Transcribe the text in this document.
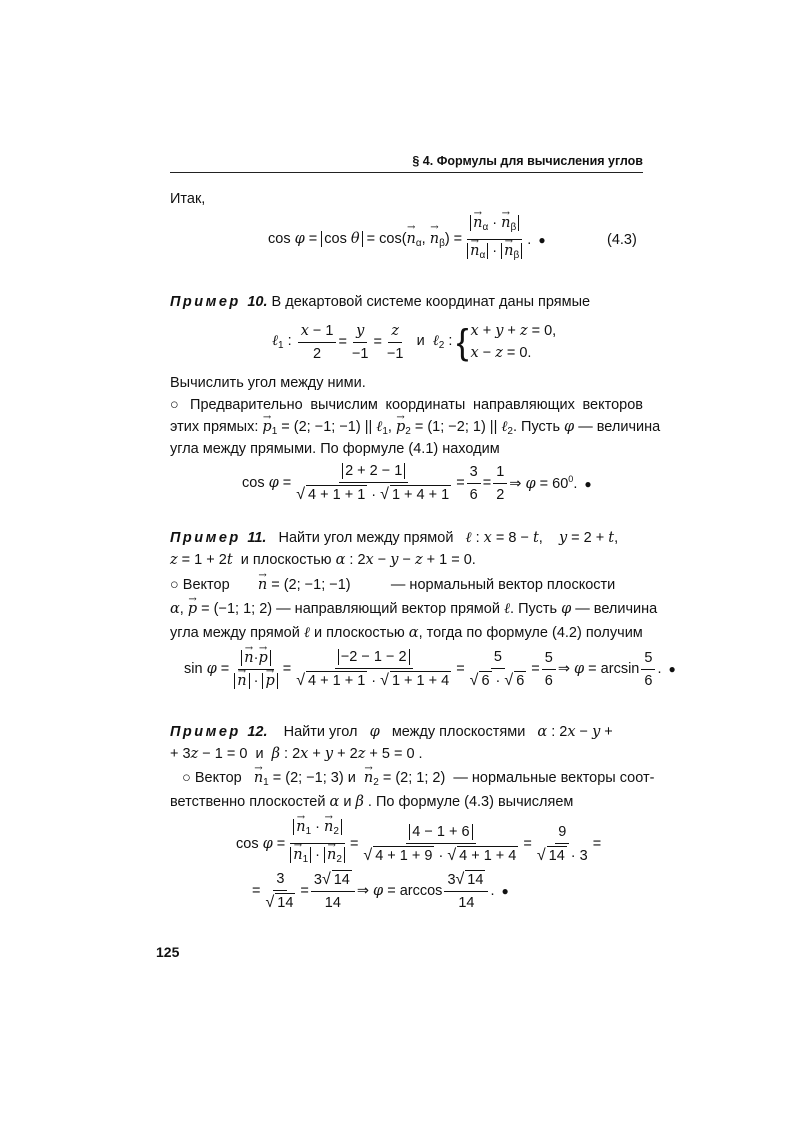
§ 4. Формулы для вычисления углов
Итак,
$\cos \varphi = \cos \theta = \cos(\to n_\alpha$, → $n_\beta$) = → $n_\alpha$ · → $n_\beta$
→ $n_\alpha$ · → $n_\beta$ . ●	(4.3)
Пример 10. В декартовой системе координат даны прямые
ℓ$_1$ : $\frac{x - 1}{2} = \frac{y}{-1} = \frac{z}{-1}$ и ℓ$_2$ : { x + y + z = 0,
x − z = 0.
Вычислить угол между ними.
○ Предварительно вычислим координаты направляющих векторов
этих прямых: → $p_1 = (2$; −1; −1) || ℓ$_1$, → $p_2 = (1$; −2; 1) || ℓ$_2$. Пусть φ — величина
угла между прямыми. По формуле (4.1) находим
$\cos \varphi = \frac{2 + 2 - 1}{√ 4 + 1 + 1 \cdot √ 1 + 4 + 1} = \frac{3}{6} = \frac{1}{2}$ ⇒ $\varphi = 60^0$. ●
Пример 11. Найти угол между прямой ℓ : x = 8 − t,    y = 2 + t,
z = 1 + 2t и плоскостью α : 2x − y − z + 1 = 0.
○ Вектор → n = (2; −1; −1)          — нормальный вектор плоскости
α, → p = (−1; 1; 2) — направляющий вектор прямой ℓ. Пусть φ — величина
угла между прямой ℓ и плоскостью α, тогда по формуле (4.2) получим
sin φ = → n·→ p
→ n · → $p = \frac{-2 - 1 - 2}{√ 4 + 1 + 1 \cdot √ 1 + 1 + 4} = \frac{5}{√ 6 \cdot √ 6} = \frac{5}{6}$ ⇒ $\varphi = \arcsin \frac{5}{6}$ . ●
Пример 12. Найти угол φ между плоскостями α : 2x − y +
+ 3z − 1 = 0  и β : 2x + y + 2z + 5 = 0 .
○ Вектор → $n_1 = (2$; −1; 3) $и \to n_2 = (2$; 1; 2)  — нормальные векторы соот-
ветственно плоскостей α и β . По формуле (4.3) вычисляем
cos φ = → $n_1$ · → $n_2$
→ $n_1$ · → $n_2 = \frac{4 - 1 + 6}{√ 4 + 1 + 9 \cdot √ 4 + 1 + 4} = \frac{9}{√ 14 \cdot 3}$ =
= $\frac{3}{√ 14} = \frac{3√ 14}{14}$ ⇒ $\varphi = \arccos \frac{3√ 14}{14}$ . ●
125
